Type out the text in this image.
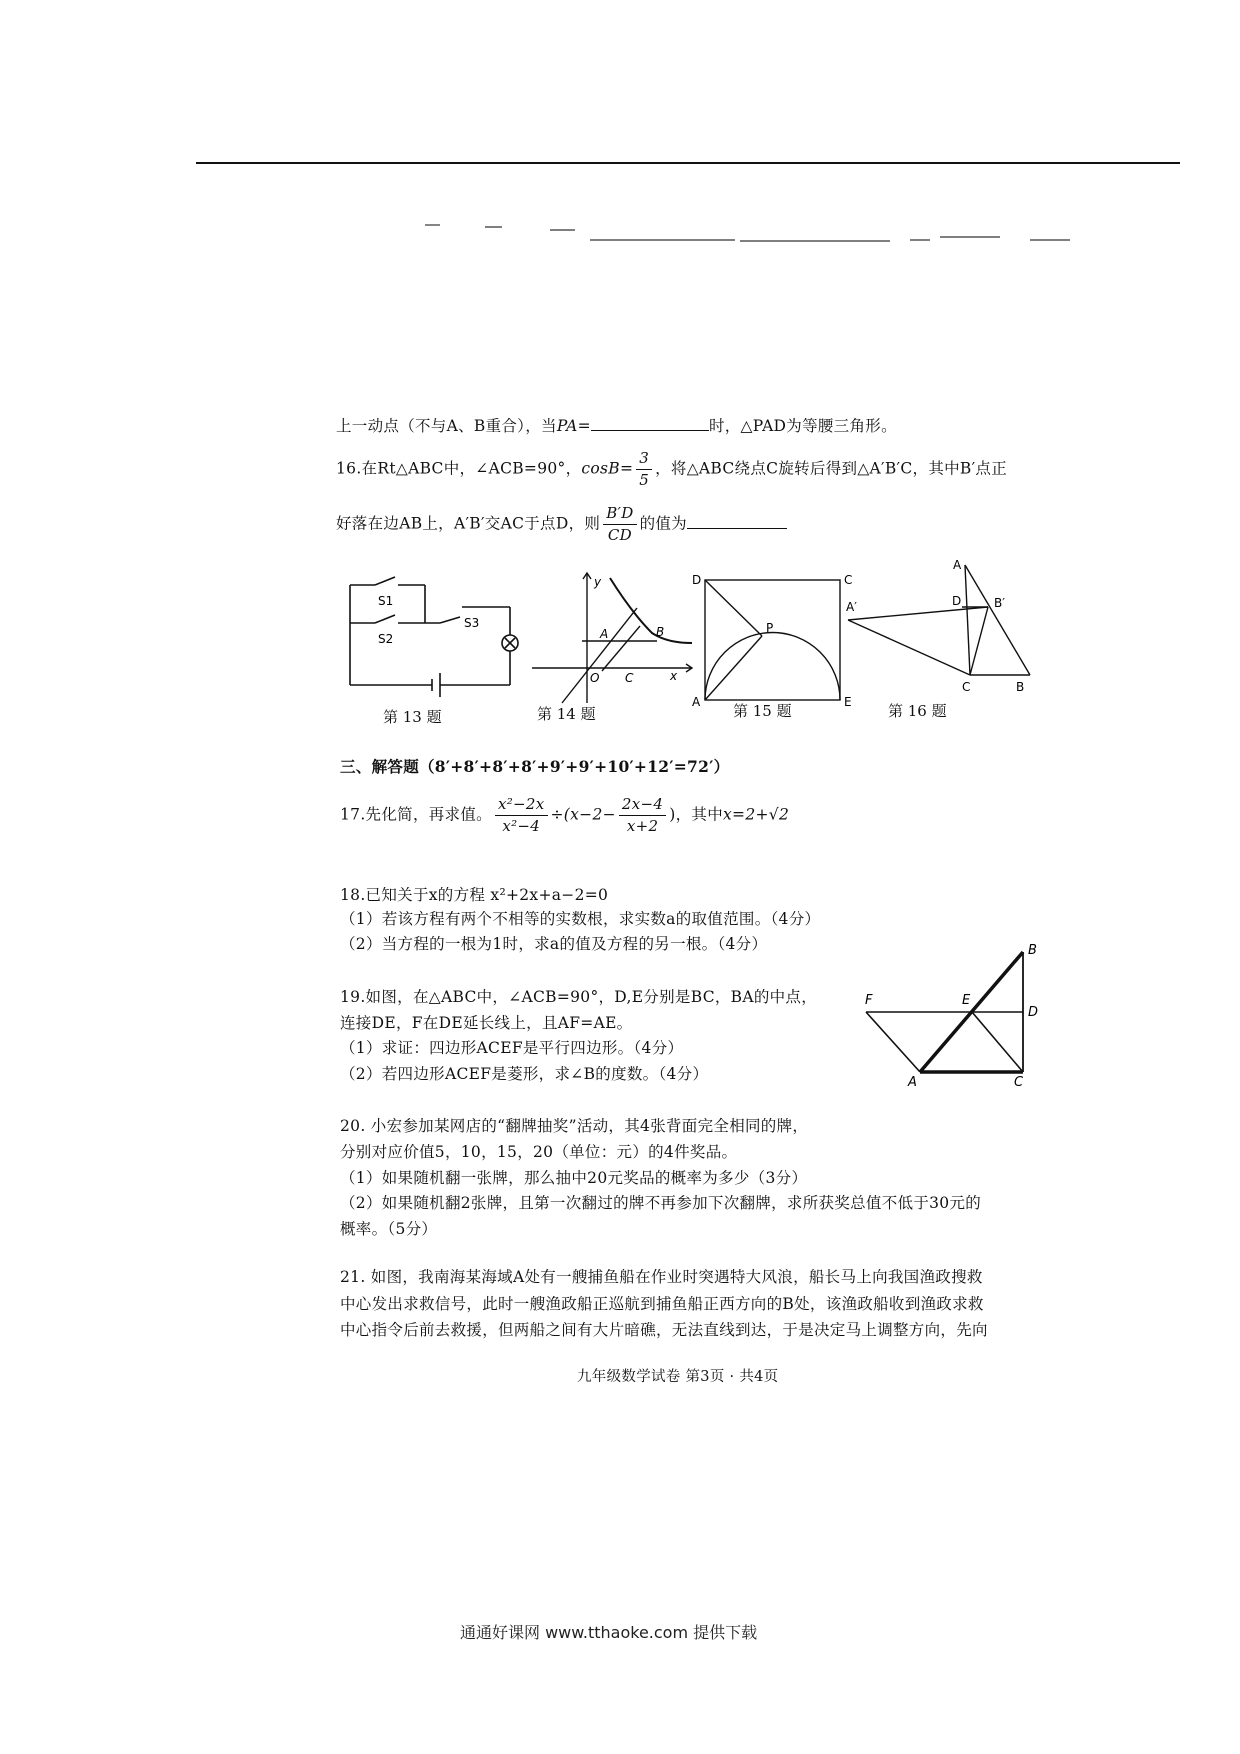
上一动点（不与A、B重合），当PA=	时，△PAD为等腰三角形。
16.在Rt△ABC中，∠ACB=90°，$\cos B= \frac{3}{5}$ ，将△ABC绕点C旋转后得到△A′B′C，其中B′点正
好落在边AB上，A′B′交AC于点D，则 $\frac{B'D}{CD}$ 的值为
S1
S3
S2
y
A	B
O C	x
D	C
P
A	E
A
D	B′
A′
C	B
第 13 题	第 14 题	第 15 题	第 16 题
三、解答题（8′+8′+8′+8′+9′+9′+10′+12′=72′）
17.先化简，再求值。 $\frac{\text{x²−2x}}{\text{x²−4}} \div(x-2- \frac{2x-4}{x+2}$ )，其中x=2+√2
18.已知关于x的方程 x²+2x+a−2=0
（1）若该方程有两个不相等的实数根，求实数a的取值范围。（4分）
（2）当方程的一根为1时，求a的值及方程的另一根。（4分）
19.如图，在△ABC中，∠ACB=90°，D,E分别是BC，BA的中点，
连接DE，F在DE延长线上，且AF=AE。
（1）求证：四边形ACEF是平行四边形。（4分）
（2）若四边形ACEF是菱形，求∠B的度数。（4分）
B
F	E
D
A	C
20. 小宏参加某网店的“翻牌抽奖”活动，其4张背面完全相同的牌，
分别对应价值5，10，15，20（单位：元）的4件奖品。
（1）如果随机翻一张牌，那么抽中20元奖品的概率为多少（3分）
（2）如果随机翻2张牌，且第一次翻过的牌不再参加下次翻牌，求所获奖总值不低于30元的
概率。（5分）
21. 如图，我南海某海域A处有一艘捕鱼船在作业时突遇特大风浪，船长马上向我国渔政搜救
中心发出求救信号，此时一艘渔政船正巡航到捕鱼船正西方向的B处，该渔政船收到渔政求救
中心指令后前去救援，但两船之间有大片暗礁，无法直线到达，于是决定马上调整方向，先向
九年级数学试卷 第3页 · 共4页
通通好课网 www.tthaoke.com 提供下载
